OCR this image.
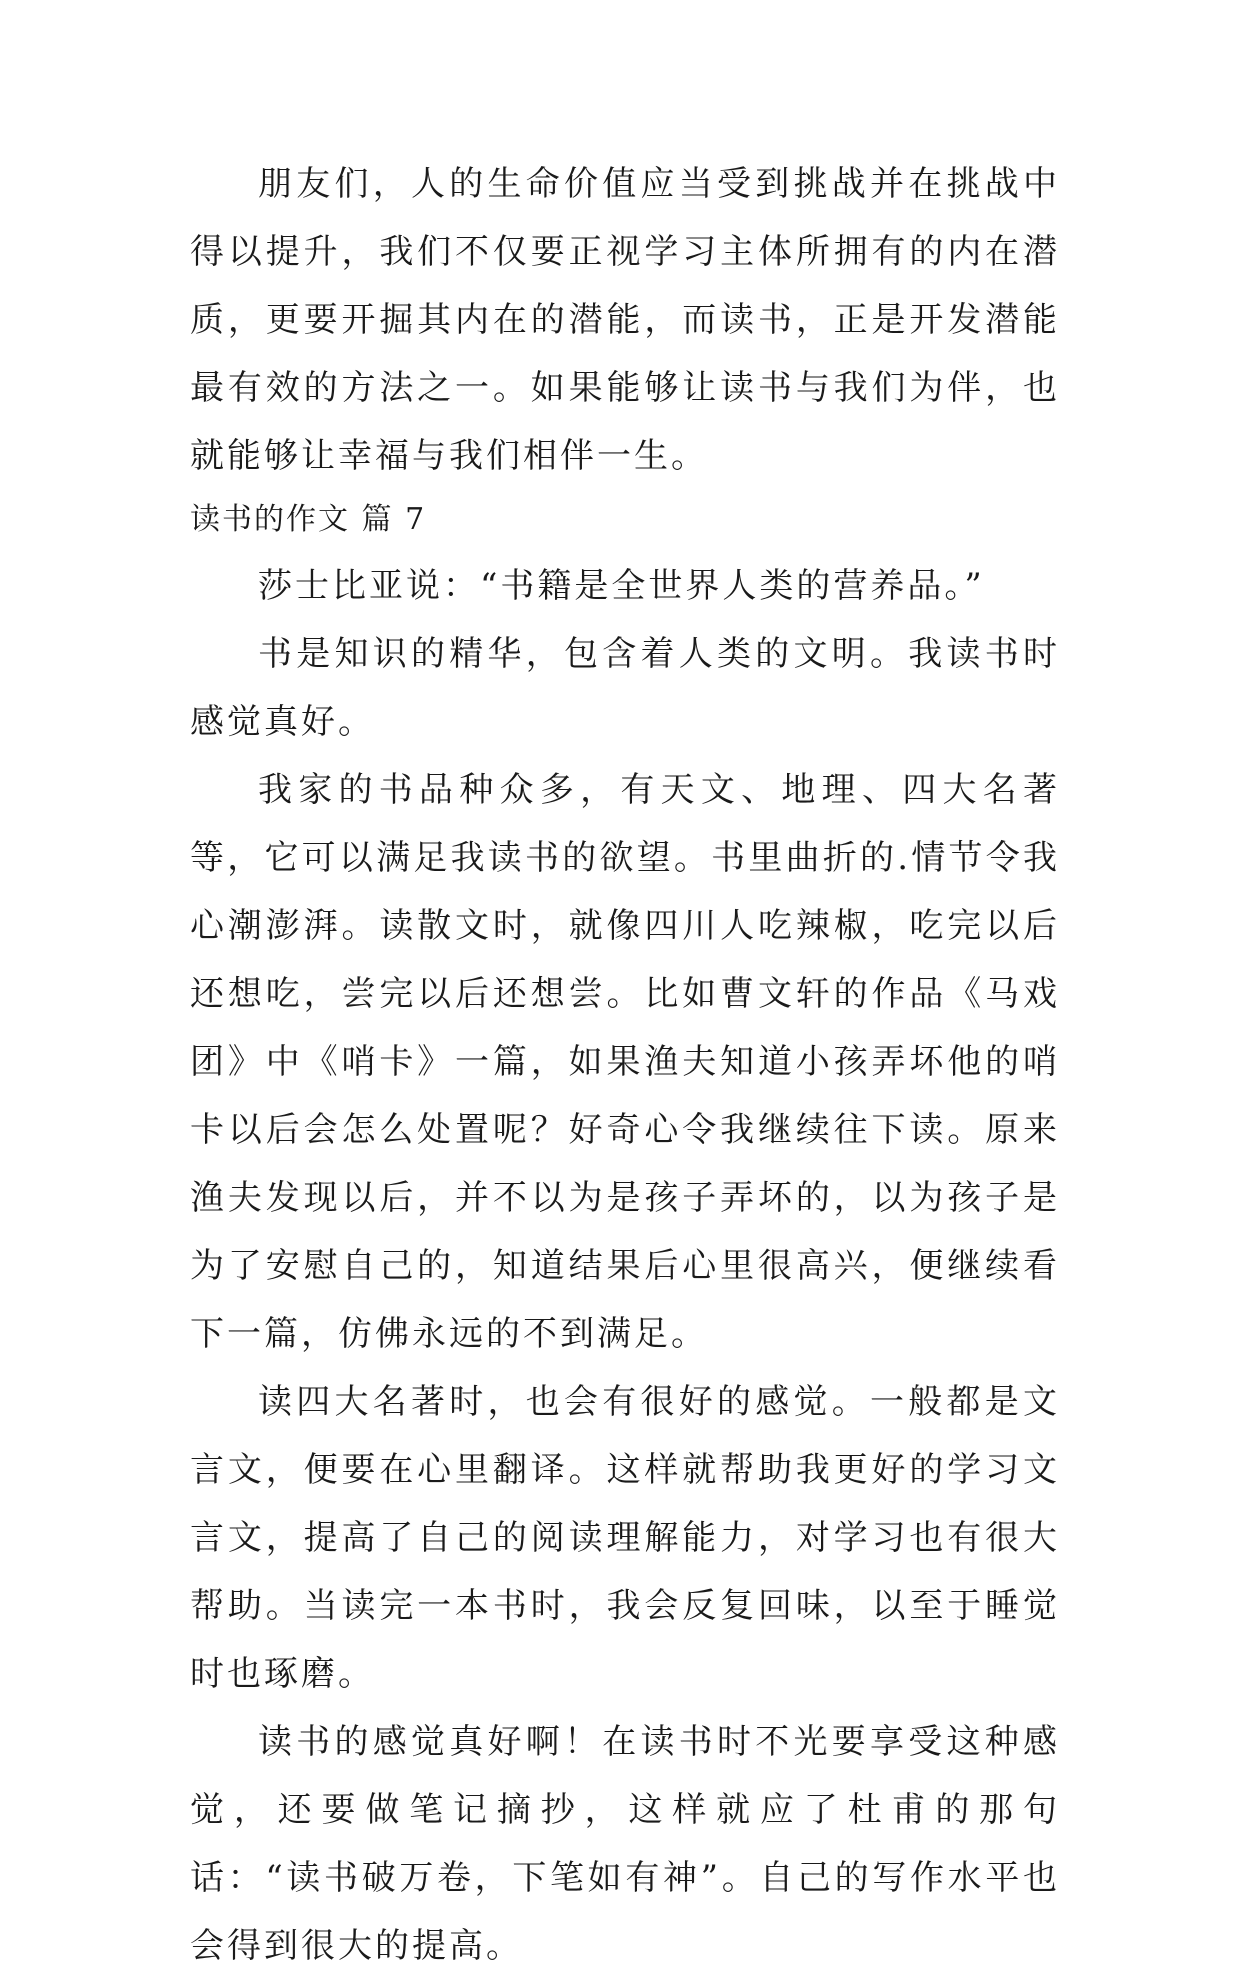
朋友们，人的生命价值应当受到挑战并在挑战中得以提升，我们不仅要正视学习主体所拥有的内在潜质，更要开掘其内在的潜能，而读书，正是开发潜能最有效的方法之一。如果能够让读书与我们为伴，也就能够让幸福与我们相伴一生。

读书的作文 篇 7

莎士比亚说：“书籍是全世界人类的营养品。”

书是知识的精华，包含着人类的文明。我读书时感觉真好。

我家的书品种众多，有天文、地理、四大名著等，它可以满足我读书的欲望。书里曲折的.情节令我心潮澎湃。读散文时，就像四川人吃辣椒，吃完以后还想吃，尝完以后还想尝。比如曹文轩的作品《马戏团》中《哨卡》一篇，如果渔夫知道小孩弄坏他的哨卡以后会怎么处置呢？好奇心令我继续往下读。原来渔夫发现以后，并不以为是孩子弄坏的，以为孩子是为了安慰自己的，知道结果后心里很高兴，便继续看下一篇，仿佛永远的不到满足。

读四大名著时，也会有很好的感觉。一般都是文言文，便要在心里翻译。这样就帮助我更好的学习文言文，提高了自己的阅读理解能力，对学习也有很大帮助。当读完一本书时，我会反复回味，以至于睡觉时也琢磨。

读书的感觉真好啊！在读书时不光要享受这种感觉，还要做笔记摘抄，这样就应了杜甫的那句话：“读书破万卷，下笔如有神”。自己的写作水平也会得到很大的提高。
